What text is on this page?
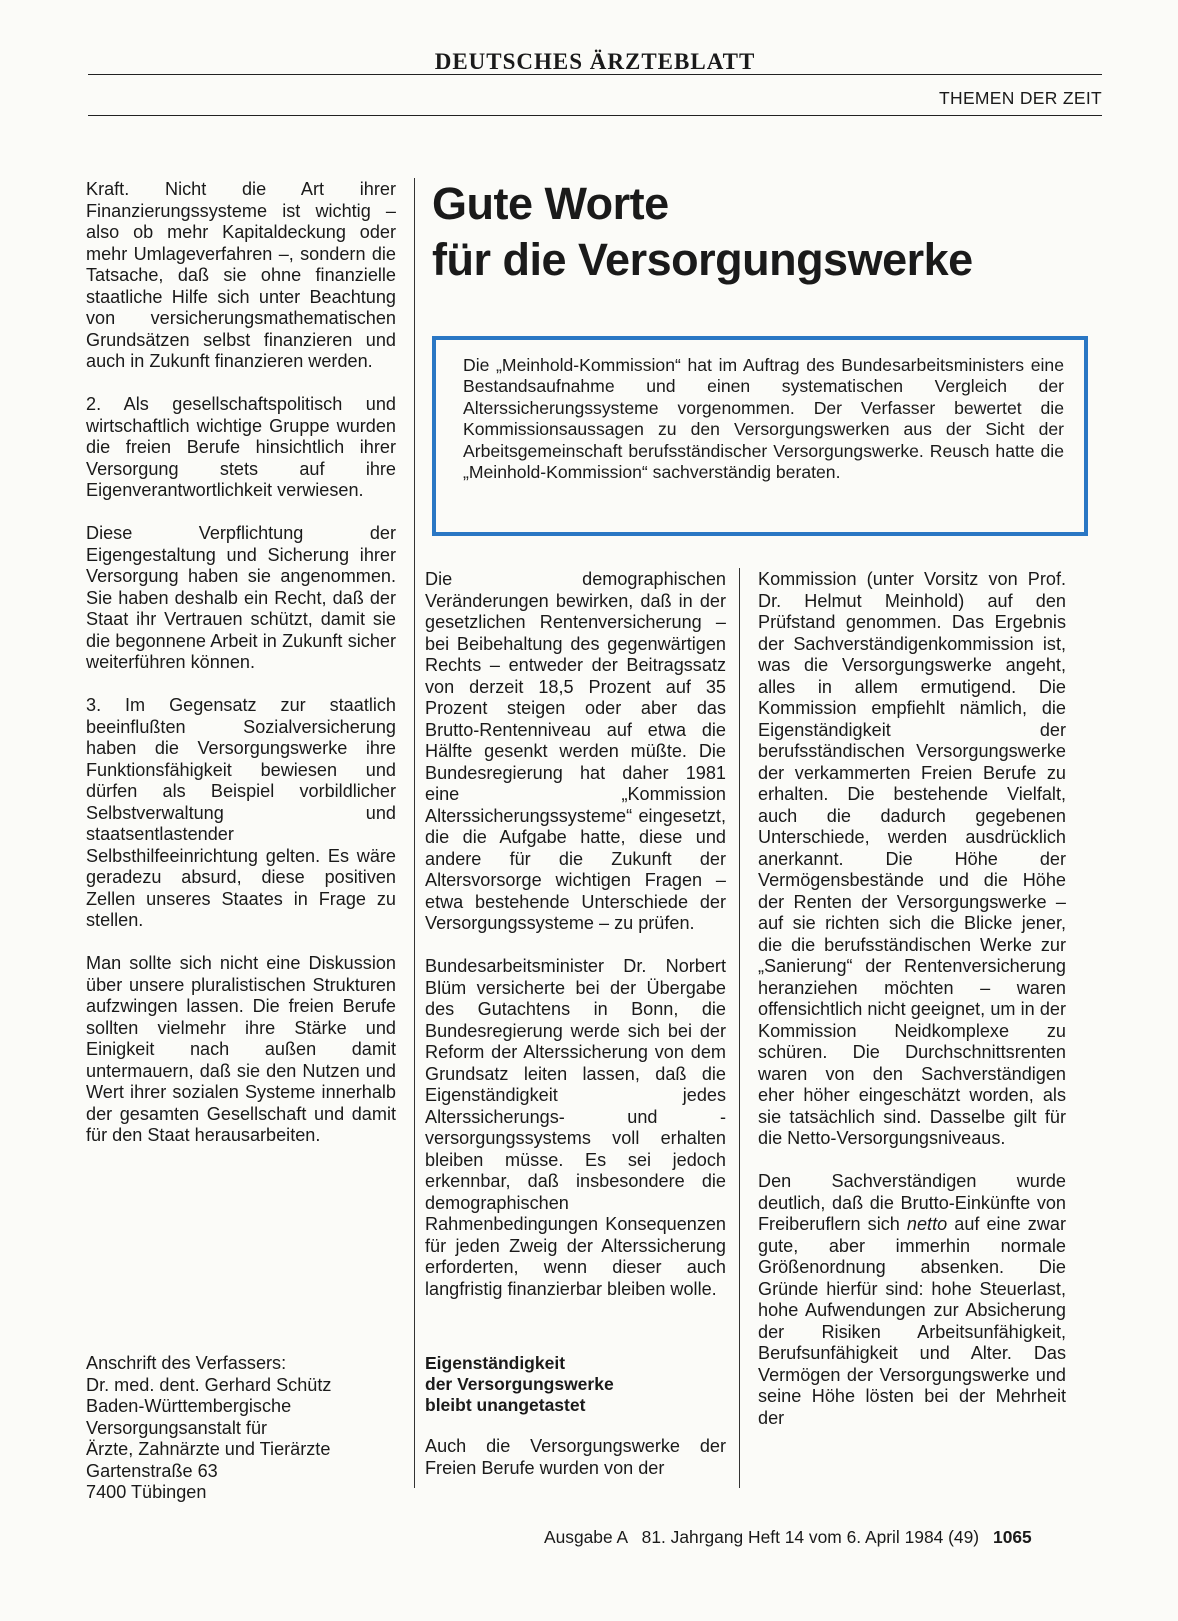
DEUTSCHES ÄRZTEBLATT
THEMEN DER ZEIT
Gute Worte
für die Versorgungswerke

Die „Meinhold-Kommission“ hat im Auftrag des Bundesarbeitsministers eine Bestandsaufnahme und einen systematischen Vergleich der Alterssicherungssysteme vorgenommen. Der Verfasser bewertet die Kommissionsaussagen zu den Versorgungswerken aus der Sicht der Arbeitsgemeinschaft berufsständischer Versorgungswerke. Reusch hatte die „Meinhold-Kommission“ sachverständig beraten.

Kraft. Nicht die Art ihrer Finanzierungssysteme ist wichtig – also ob mehr Kapitaldeckung oder mehr Umlageverfahren –, sondern die Tatsache, daß sie ohne finanzielle staatliche Hilfe sich unter Beachtung von versicherungsmathematischen Grundsätzen selbst finanzieren und auch in Zukunft finanzieren werden.

2. Als gesellschaftspolitisch und wirtschaftlich wichtige Gruppe wurden die freien Berufe hinsichtlich ihrer Versorgung stets auf ihre Eigenverantwortlichkeit verwiesen.

Diese Verpflichtung der Eigengestaltung und Sicherung ihrer Versorgung haben sie angenommen. Sie haben deshalb ein Recht, daß der Staat ihr Vertrauen schützt, damit sie die begonnene Arbeit in Zukunft sicher weiterführen können.

3. Im Gegensatz zur staatlich beeinflußten Sozialversicherung haben die Versorgungswerke ihre Funktionsfähigkeit bewiesen und dürfen als Beispiel vorbildlicher Selbstverwaltung und staatsentlastender Selbsthilfeeinrichtung gelten. Es wäre geradezu absurd, diese positiven Zellen unseres Staates in Frage zu stellen.

Man sollte sich nicht eine Diskussion über unsere pluralistischen Strukturen aufzwingen lassen. Die freien Berufe sollten vielmehr ihre Stärke und Einigkeit nach außen damit untermauern, daß sie den Nutzen und Wert ihrer sozialen Systeme innerhalb der gesamten Gesellschaft und damit für den Staat herausarbeiten.

Anschrift des Verfassers:
Dr. med. dent. Gerhard Schütz
Baden-Württembergische
Versorgungsanstalt für
Ärzte, Zahnärzte und Tierärzte
Gartenstraße 63
7400 Tübingen

Die demographischen Veränderungen bewirken, daß in der gesetzlichen Rentenversicherung – bei Beibehaltung des gegenwärtigen Rechts – entweder der Beitragssatz von derzeit 18,5 Prozent auf 35 Prozent steigen oder aber das Brutto-Rentenniveau auf etwa die Hälfte gesenkt werden müßte. Die Bundesregierung hat daher 1981 eine „Kommission Alterssicherungssysteme“ eingesetzt, die die Aufgabe hatte, diese und andere für die Zukunft der Altersvorsorge wichtigen Fragen – etwa bestehende Unterschiede der Versorgungssysteme – zu prüfen.

Bundesarbeitsminister Dr. Norbert Blüm versicherte bei der Übergabe des Gutachtens in Bonn, die Bundesregierung werde sich bei der Reform der Alterssicherung von dem Grundsatz leiten lassen, daß die Eigenständigkeit jedes Alterssicherungs- und -versorgungssystems voll erhalten bleiben müsse. Es sei jedoch erkennbar, daß insbesondere die demographischen Rahmenbedingungen Konsequenzen für jeden Zweig der Alterssicherung erforderten, wenn dieser auch langfristig finanzierbar bleiben wolle.

Eigenständigkeit
der Versorgungswerke
bleibt unangetastet

Auch die Versorgungswerke der Freien Berufe wurden von der

Kommission (unter Vorsitz von Prof. Dr. Helmut Meinhold) auf den Prüfstand genommen. Das Ergebnis der Sachverständigenkommission ist, was die Versorgungswerke angeht, alles in allem ermutigend. Die Kommission empfiehlt nämlich, die Eigenständigkeit der berufsständischen Versorgungswerke der verkammerten Freien Berufe zu erhalten. Die bestehende Vielfalt, auch die dadurch gegebenen Unterschiede, werden ausdrücklich anerkannt. Die Höhe der Vermögensbestände und die Höhe der Renten der Versorgungswerke – auf sie richten sich die Blicke jener, die die berufsständischen Werke zur „Sanierung“ der Rentenversicherung heranziehen möchten – waren offensichtlich nicht geeignet, um in der Kommission Neidkomplexe zu schüren. Die Durchschnittsrenten waren von den Sachverständigen eher höher eingeschätzt worden, als sie tatsächlich sind. Dasselbe gilt für die Netto-Versorgungsniveaus.

Den Sachverständigen wurde deutlich, daß die Brutto-Einkünfte von Freiberuflern sich netto auf eine zwar gute, aber immerhin normale Größenordnung absenken. Die Gründe hierfür sind: hohe Steuerlast, hohe Aufwendungen zur Absicherung der Risiken Arbeitsunfähigkeit, Berufsunfähigkeit und Alter. Das Vermögen der Versorgungswerke und seine Höhe lösten bei der Mehrheit der

Ausgabe A   81. Jahrgang Heft 14 vom 6. April 1984 (49) 1065
